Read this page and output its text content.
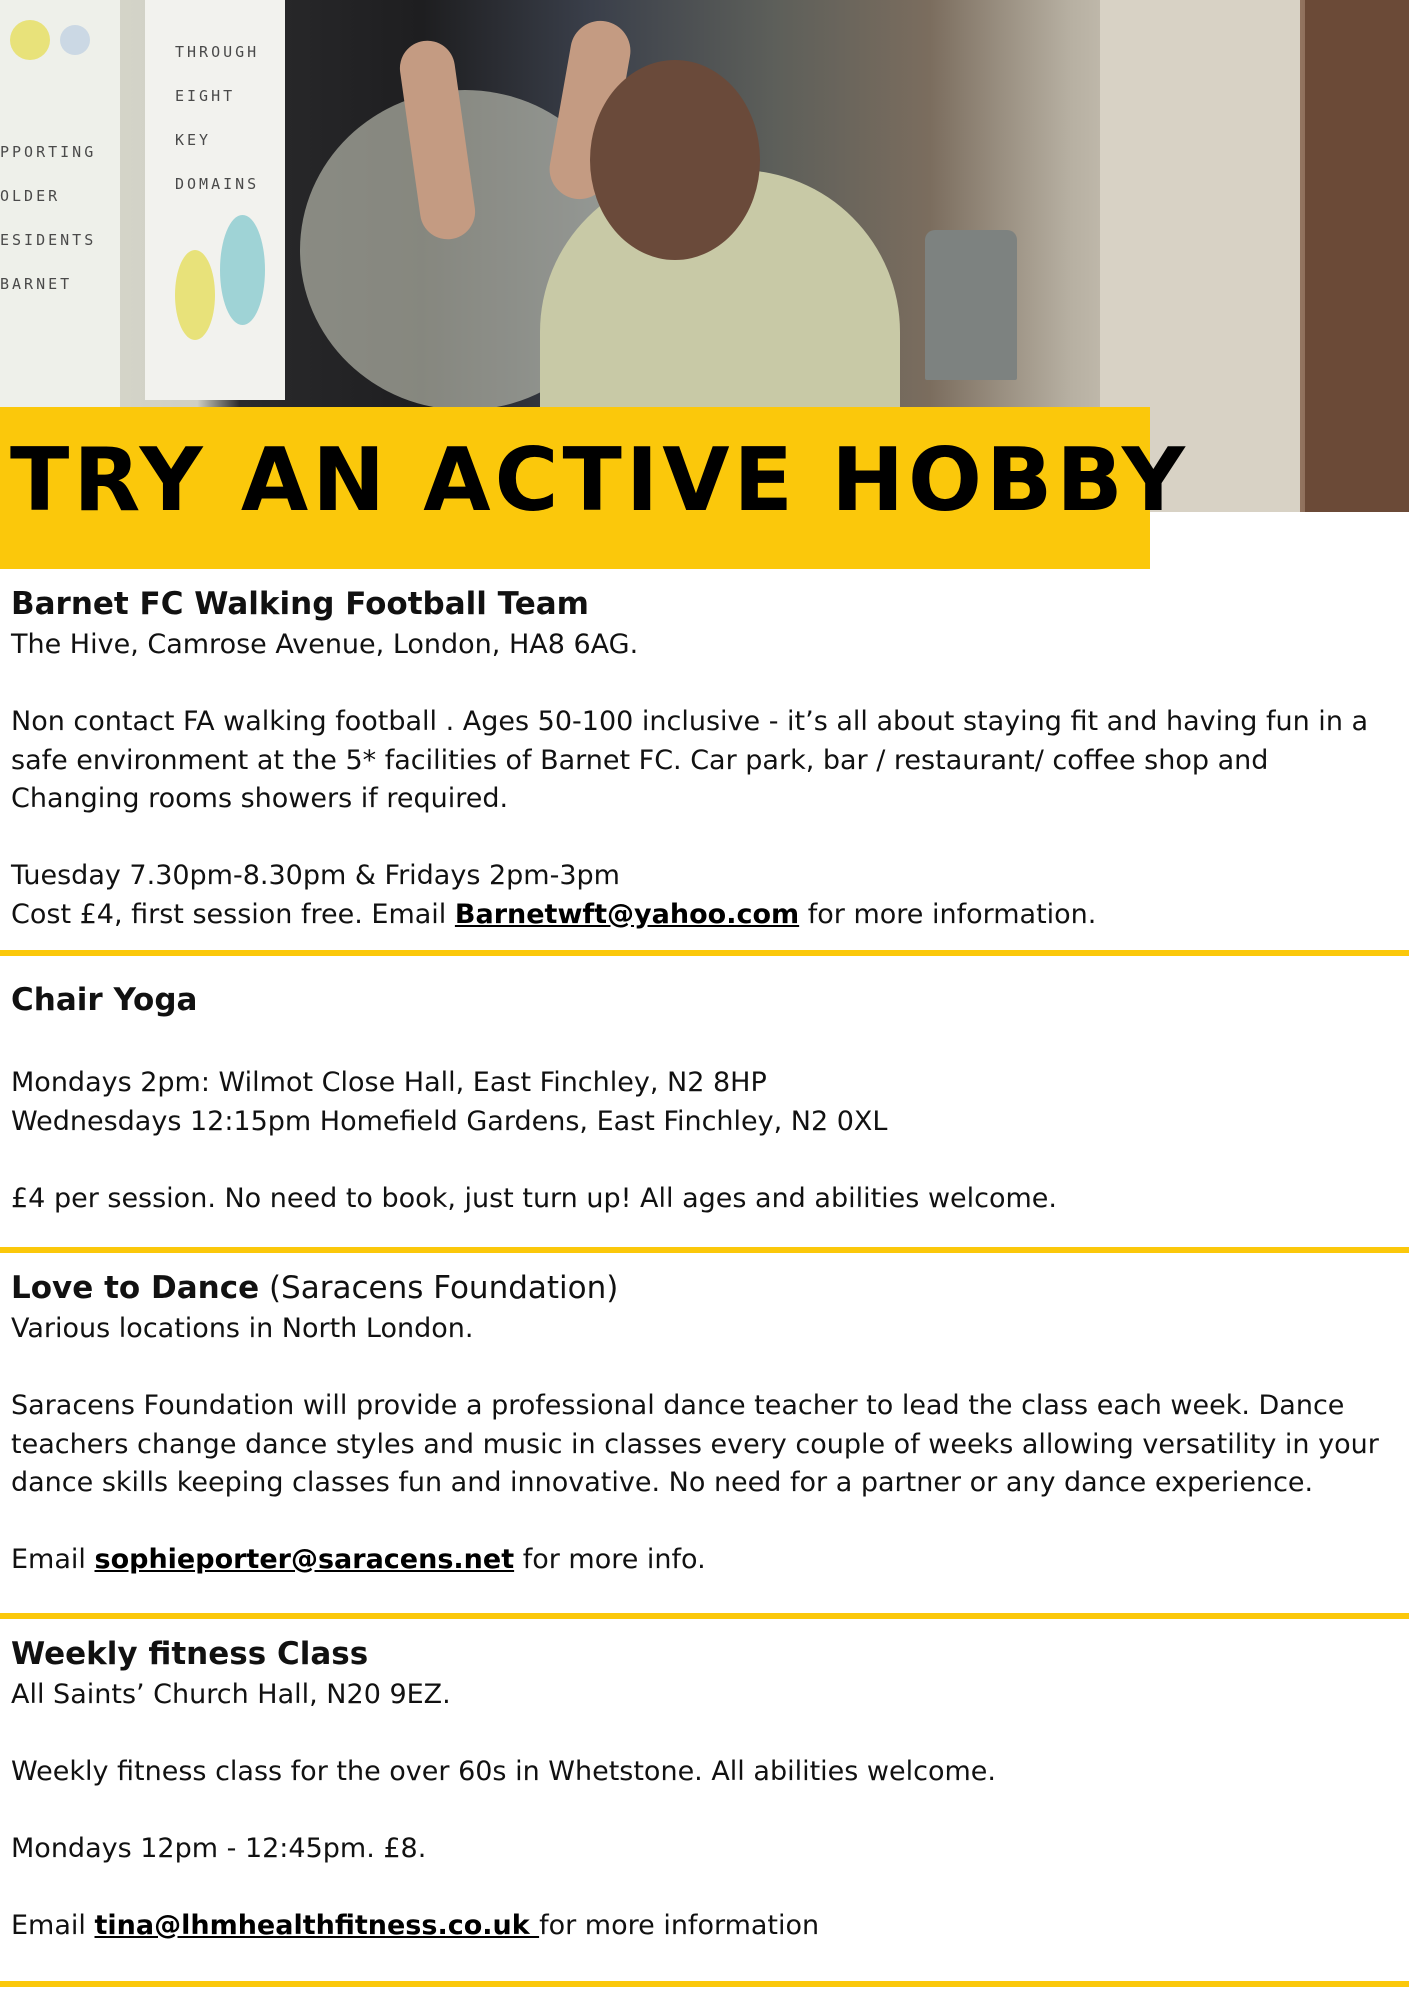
PPORTING OLDER ESIDENTS BARNET
THROUGH EIGHT KEY DOMAINS
TRY AN ACTIVE HOBBY
Barnet FC Walking Football Team

The Hive, Camrose Avenue, London, HA8 6AG.

Non contact FA walking football . Ages 50-100 inclusive - it’s all about staying fit and having fun in a safe environment at the 5* facilities of Barnet FC. Car park, bar / restaurant/ coffee shop and Changing rooms showers if required.

Tuesday 7.30pm-8.30pm & Fridays 2pm-3pm

Cost £4, first session free. Email Barnetwft@yahoo.com for more information.

Chair Yoga

Mondays 2pm: Wilmot Close Hall, East Finchley, N2 8HP

Wednesdays 12:15pm Homefield Gardens, East Finchley, N2 0XL

£4 per session. No need to book, just turn up! All ages and abilities welcome.

Love to Dance (Saracens Foundation)

Various locations in North London.

Saracens Foundation will provide a professional dance teacher to lead the class each week. Dance teachers change dance styles and music in classes every couple of weeks allowing versatility in your dance skills keeping classes fun and innovative. No need for a partner or any dance experience.

Email sophieporter@saracens.net for more info.

Weekly fitness Class

All Saints’ Church Hall, N20 9EZ.

Weekly fitness class for the over 60s in Whetstone. All abilities welcome.

Mondays 12pm - 12:45pm. £8.

Email tina@lhmhealthfitness.co.uk for more information
